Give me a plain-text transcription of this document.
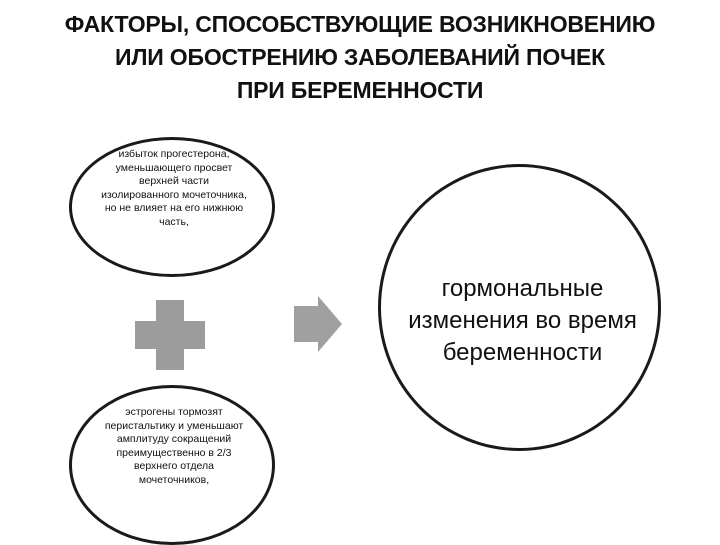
ФАКТОРЫ, СПОСОБСТВУЮЩИЕ ВОЗНИКНОВЕНИЮ
ИЛИ ОБОСТРЕНИЮ ЗАБОЛЕВАНИЙ ПОЧЕК
ПРИ БЕРЕМЕННОСТИ
избыток прогестерона, уменьшающего просвет верхней части изолированного мочеточника, но не влияет на его нижнюю часть,
эстрогены тормозят перистальтику и уменьшают амплитуду сокращений преимущественно в 2/3 верхнего отдела мочеточников,
гормональные изменения во время беременности
